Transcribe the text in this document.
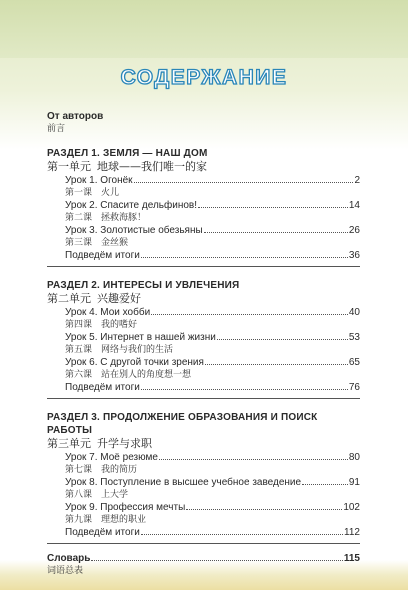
СОДЕРЖАНИЕ
От авторов
前言
РАЗДЕЛ 1. ЗЕМЛЯ — НАШ ДОМ
第一单元 地球——我们唯一的家
Урок 1. Огонёк	2
第一课　火儿
Урок 2. Спасите дельфинов!	14
第二课　拯救海豚！
Урок 3. Золотистые обезьяны	26
第三课　金丝猴
Подведём итоги	36
РАЗДЕЛ 2. ИНТЕРЕСЫ И УВЛЕЧЕНИЯ
第二单元 兴趣爱好
Урок 4. Мои хобби	40
第四课　我的嗜好
Урок 5. Интернет в нашей жизни	53
第五课　网络与我们的生活
Урок 6. С другой точки зрения	65
第六课　站在别人的角度想一想
Подведём итоги	76
РАЗДЕЛ 3. ПРОДОЛЖЕНИЕ ОБРАЗОВАНИЯ И ПОИСК РАБОТЫ
第三单元 升学与求职
Урок 7. Моё резюме	80
第七课　我的简历
Урок 8. Поступление в высшее учебное заведение	91
第八课　上大学
Урок 9. Профессия мечты	102
第九课　理想的职业
Подведём итоги	112
Словарь	115
词语总表
